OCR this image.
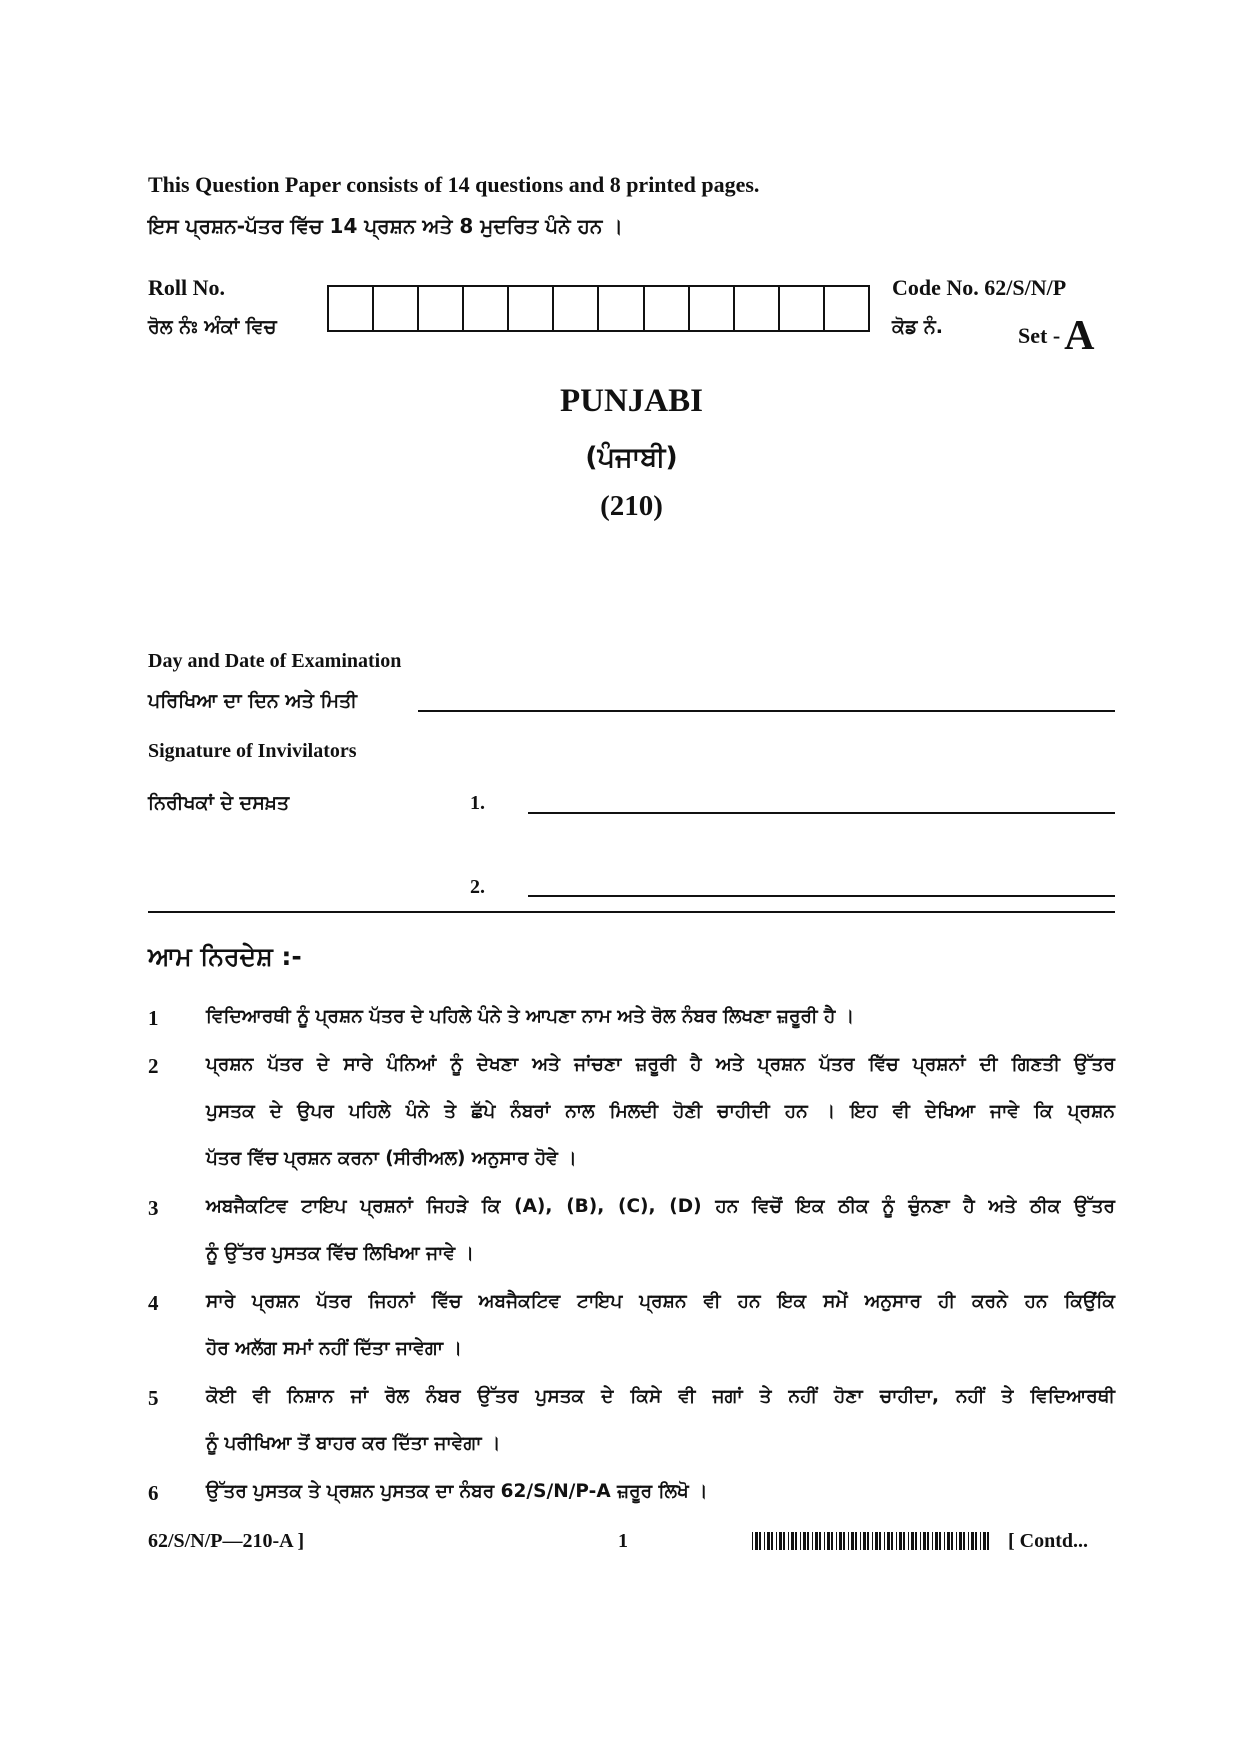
This Question Paper consists of 14 questions and 8 printed pages.
ਇਸ ਪ੍ਰਸ਼ਨ-ਪੱਤਰ ਵਿੱਚ 14 ਪ੍ਰਸ਼ਨ ਅਤੇ 8 ਮੁਦਰਿਤ ਪੰਨੇ ਹਨ ।
Roll No.
ਰੋਲ ਨੰਃ ਅੰਕਾਂ ਵਿਚ
Code No. 62/S/N/P
ਕੋਡ ਨੰ.	Set -A
PUNJABI
(ਪੰਜਾਬੀ)
(210)
Day and Date of Examination
ਪਰਿਖਿਆ ਦਾ ਦਿਨ ਅਤੇ ਮਿਤੀ
Signature of Invivilators
ਨਿਰੀਖਕਾਂ ਦੇ ਦਸਖ਼ਤ	1.
2.
ਆਮ ਨਿਰਦੇਸ਼ :-
1	ਵਿਦਿਆਰਥੀ ਨੂੰ ਪ੍ਰਸ਼ਨ ਪੱਤਰ ਦੇ ਪਹਿਲੇ ਪੰਨੇ ਤੇ ਆਪਣਾ ਨਾਮ ਅਤੇ ਰੋਲ ਨੰਬਰ ਲਿਖਣਾ ਜ਼ਰੂਰੀ ਹੈ ।
2	ਪ੍ਰਸ਼ਨ ਪੱਤਰ ਦੇ ਸਾਰੇ ਪੰਨਿਆਂ ਨੂੰ ਦੇਖਣਾ ਅਤੇ ਜਾਂਚਣਾ ਜ਼ਰੂਰੀ ਹੈ ਅਤੇ ਪ੍ਰਸ਼ਨ ਪੱਤਰ ਵਿੱਚ ਪ੍ਰਸ਼ਨਾਂ ਦੀ ਗਿਣਤੀ ਉੱਤਰ
ਪੁਸਤਕ ਦੇ ਉਪਰ ਪਹਿਲੇ ਪੰਨੇ ਤੇ ਛੱਪੇ ਨੰਬਰਾਂ ਨਾਲ ਮਿਲਦੀ ਹੋਣੀ ਚਾਹੀਦੀ ਹਨ । ਇਹ ਵੀ ਦੇਖਿਆ ਜਾਵੇ ਕਿ ਪ੍ਰਸ਼ਨ
ਪੱਤਰ ਵਿੱਚ ਪ੍ਰਸ਼ਨ ਕਰਨਾ (ਸੀਰੀਅਲ) ਅਨੁਸਾਰ ਹੋਵੇ ।
3	ਅਬਜੈਕਟਿਵ ਟਾਇਪ ਪ੍ਰਸ਼ਨਾਂ ਜਿਹੜੇ ਕਿ (A), (B), (C), (D) ਹਨ ਵਿਚੋਂ ਇਕ ਠੀਕ ਨੂੰ ਚੁੰਨਣਾ ਹੈ ਅਤੇ ਠੀਕ ਉੱਤਰ
ਨੂੰ ਉੱਤਰ ਪੁਸਤਕ ਵਿੱਚ ਲਿਖਿਆ ਜਾਵੇ ।
4	ਸਾਰੇ ਪ੍ਰਸ਼ਨ ਪੱਤਰ ਜਿਹਨਾਂ ਵਿੱਚ ਅਬਜੈਕਟਿਵ ਟਾਇਪ ਪ੍ਰਸ਼ਨ ਵੀ ਹਨ ਇਕ ਸਮੇਂ ਅਨੁਸਾਰ ਹੀ ਕਰਨੇ ਹਨ ਕਿਉਂਕਿ
ਹੋਰ ਅਲੱਗ ਸਮਾਂ ਨਹੀਂ ਦਿੱਤਾ ਜਾਵੇਗਾ ।
5	ਕੋਈ ਵੀ ਨਿਸ਼ਾਨ ਜਾਂ ਰੋਲ ਨੰਬਰ ਉੱਤਰ ਪੁਸਤਕ ਦੇ ਕਿਸੇ ਵੀ ਜਗਾਂ ਤੇ ਨਹੀਂ ਹੋਣਾ ਚਾਹੀਦਾ, ਨਹੀਂ ਤੇ ਵਿਦਿਆਰਥੀ
ਨੂੰ ਪਰੀਖਿਆ ਤੋਂ ਬਾਹਰ ਕਰ ਦਿੱਤਾ ਜਾਵੇਗਾ ।
6	ਉੱਤਰ ਪੁਸਤਕ ਤੇ ਪ੍ਰਸ਼ਨ ਪੁਸਤਕ ਦਾ ਨੰਬਰ 62/S/N/P-A ਜ਼ਰੂਰ ਲਿਖੋ ।
62/S/N/P—210-A ]	1	[ Contd...
